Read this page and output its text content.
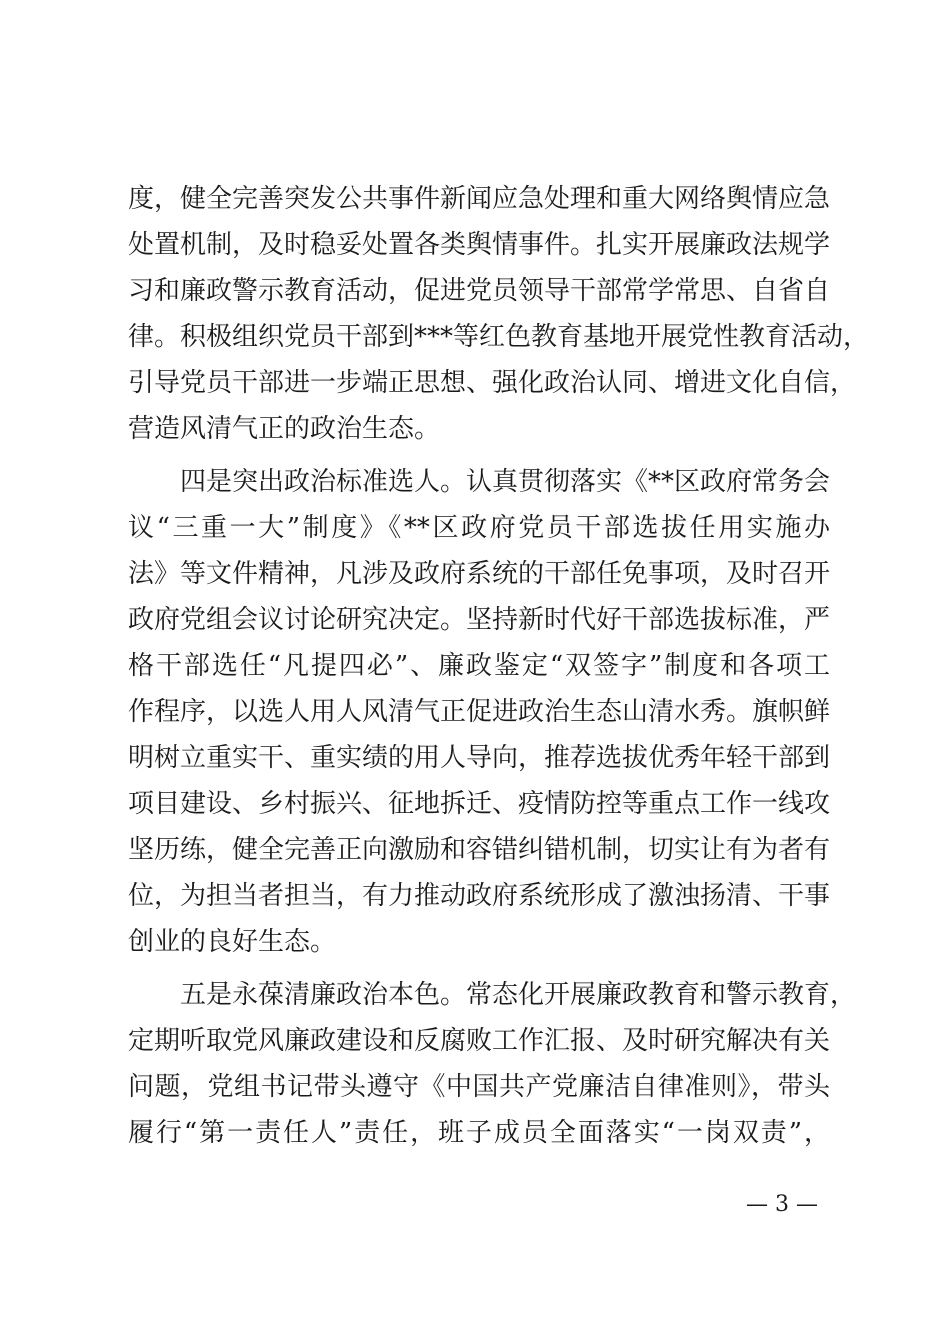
度，健全完善突发公共事件新闻应急处理和重大网络舆情应急
处置机制，及时稳妥处置各类舆情事件。扎实开展廉政法规学
习和廉政警示教育活动，促进党员领导干部常学常思、自省自
律。积极组织党员干部到***等红色教育基地开展党性教育活动，
引导党员干部进一步端正思想、强化政治认同、增进文化自信，
营造风清气正的政治生态。
四是突出政治标准选人。认真贯彻落实《**区政府常务会
议“三重一大”制度》《**区政府党员干部选拔任用实施办
法》等文件精神，凡涉及政府系统的干部任免事项，及时召开
政府党组会议讨论研究决定。坚持新时代好干部选拔标准，严
格干部选任“凡提四必”、廉政鉴定“双签字”制度和各项工
作程序，以选人用人风清气正促进政治生态山清水秀。旗帜鲜
明树立重实干、重实绩的用人导向，推荐选拔优秀年轻干部到
项目建设、乡村振兴、征地拆迁、疫情防控等重点工作一线攻
坚历练，健全完善正向激励和容错纠错机制，切实让有为者有
位，为担当者担当，有力推动政府系统形成了激浊扬清、干事
创业的良好生态。
五是永葆清廉政治本色。常态化开展廉政教育和警示教育，
定期听取党风廉政建设和反腐败工作汇报、及时研究解决有关
问题，党组书记带头遵守《中国共产党廉洁自律准则》，带头
履行“第一责任人”责任，班子成员全面落实“一岗双责”，
— 3 —
